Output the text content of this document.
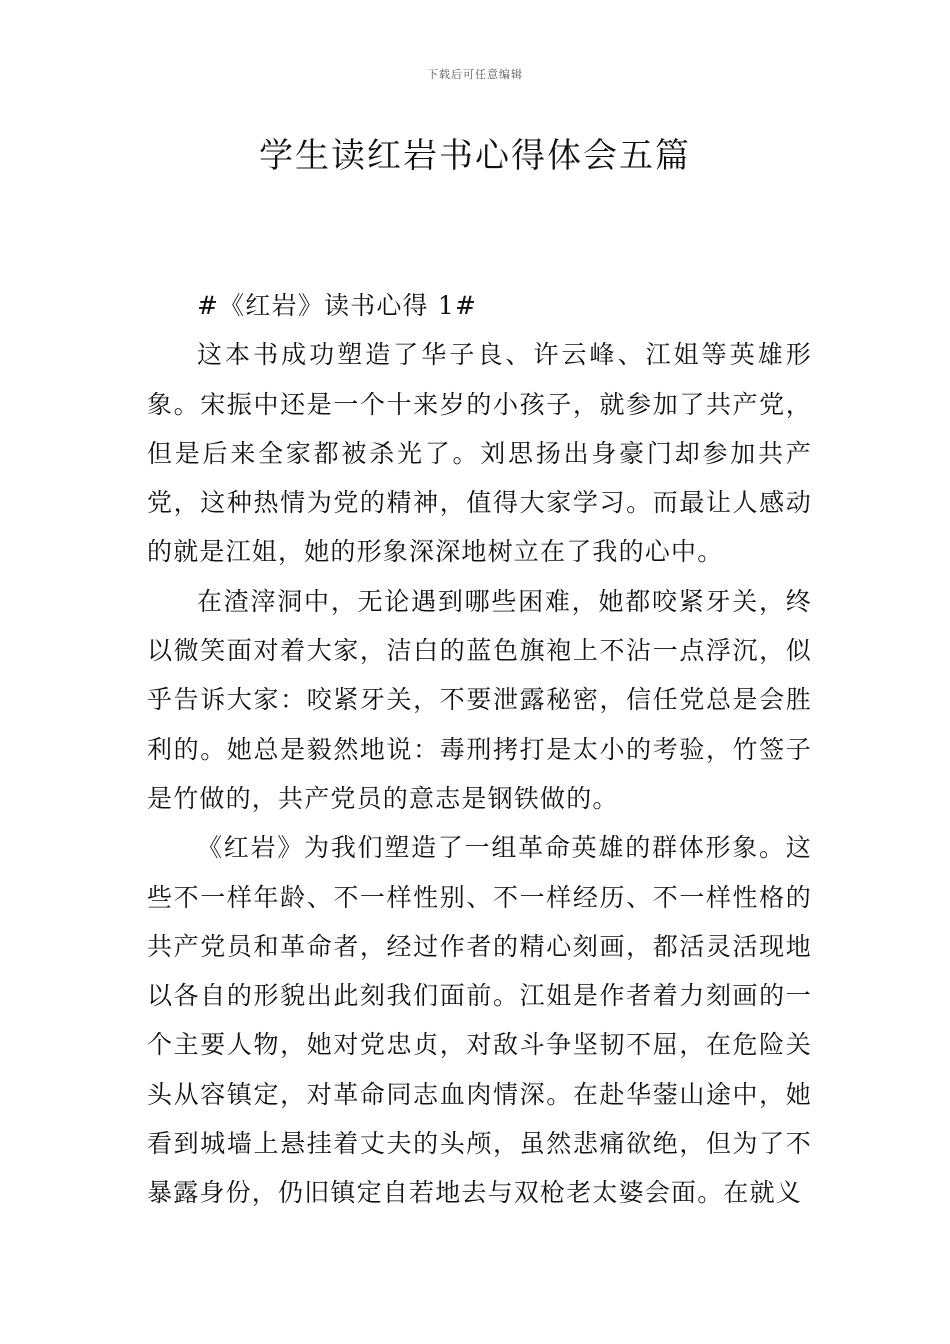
下载后可任意编辑
学生读红岩书心得体会五篇

#《红岩》读书心得 1#

这本书成功塑造了华子良、许云峰、江姐等英雄形象。宋振中还是一个十来岁的小孩子，就参加了共产党，但是后来全家都被杀光了。刘思扬出身豪门却参加共产党，这种热情为党的精神，值得大家学习。而最让人感动的就是江姐，她的形象深深地树立在了我的心中。

在渣滓洞中，无论遇到哪些困难，她都咬紧牙关，终以微笑面对着大家，洁白的蓝色旗袍上不沾一点浮沉，似乎告诉大家：咬紧牙关，不要泄露秘密，信任党总是会胜利的。她总是毅然地说：毒刑拷打是太小的考验，竹签子是竹做的，共产党员的意志是钢铁做的。

《红岩》为我们塑造了一组革命英雄的群体形象。这些不一样年龄、不一样性别、不一样经历、不一样性格的共产党员和革命者，经过作者的精心刻画，都活灵活现地以各自的形貌出此刻我们面前。江姐是作者着力刻画的一个主要人物，她对党忠贞，对敌斗争坚韧不屈，在危险关头从容镇定，对革命同志血肉情深。在赴华蓥山途中，她看到城墙上悬挂着丈夫的头颅，虽然悲痛欲绝，但为了不暴露身份，仍旧镇定自若地去与双枪老太婆会面。在就义
